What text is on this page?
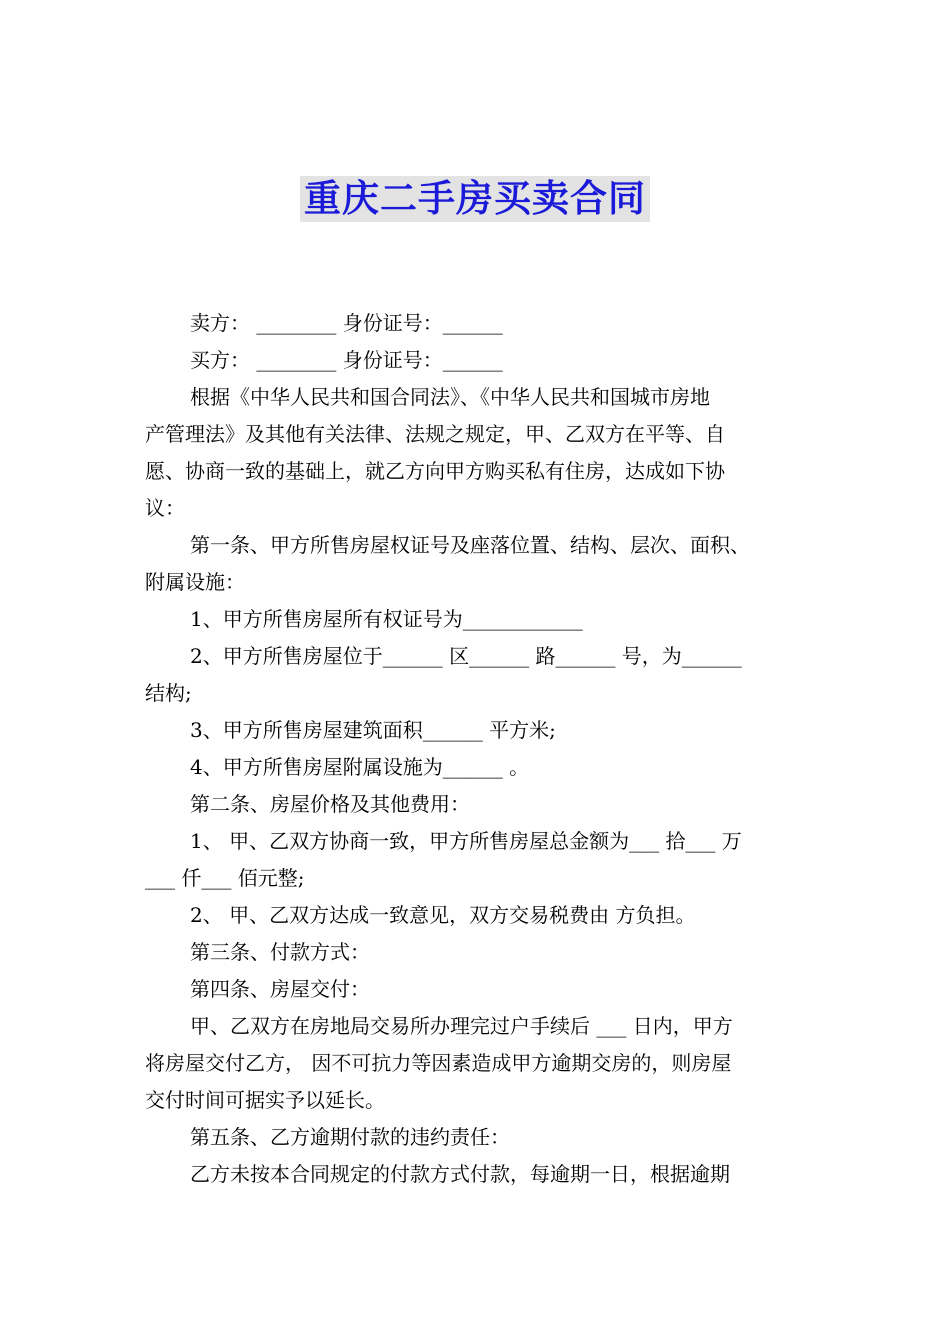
重庆二手房买卖合同

卖方： ________ 身份证号：______

买方： ________ 身份证号：______

根据《中华人民共和国合同法》、《中华人民共和国城市房地

产管理法》及其他有关法律、法规之规定，甲、乙双方在平等、自

愿、协商一致的基础上，就乙方向甲方购买私有住房，达成如下协

议：

第一条、甲方所售房屋权证号及座落位置、结构、层次、面积、

附属设施：

1、甲方所售房屋所有权证号为____________

2、甲方所售房屋位于______ 区______ 路______ 号，为______

结构;

3、甲方所售房屋建筑面积______ 平方米;

4、甲方所售房屋附属设施为______ 。

第二条、房屋价格及其他费用：

1、 甲、乙双方协商一致，甲方所售房屋总金额为___ 拾___ 万

___ 仟___ 佰元整;

2、 甲、乙双方达成一致意见，双方交易税费由 方负担。

第三条、付款方式：

第四条、房屋交付：

甲、乙双方在房地局交易所办理完过户手续后 ___ 日内，甲方

将房屋交付乙方， 因不可抗力等因素造成甲方逾期交房的，则房屋

交付时间可据实予以延长。

第五条、乙方逾期付款的违约责任：

乙方未按本合同规定的付款方式付款，每逾期一日，根据逾期
